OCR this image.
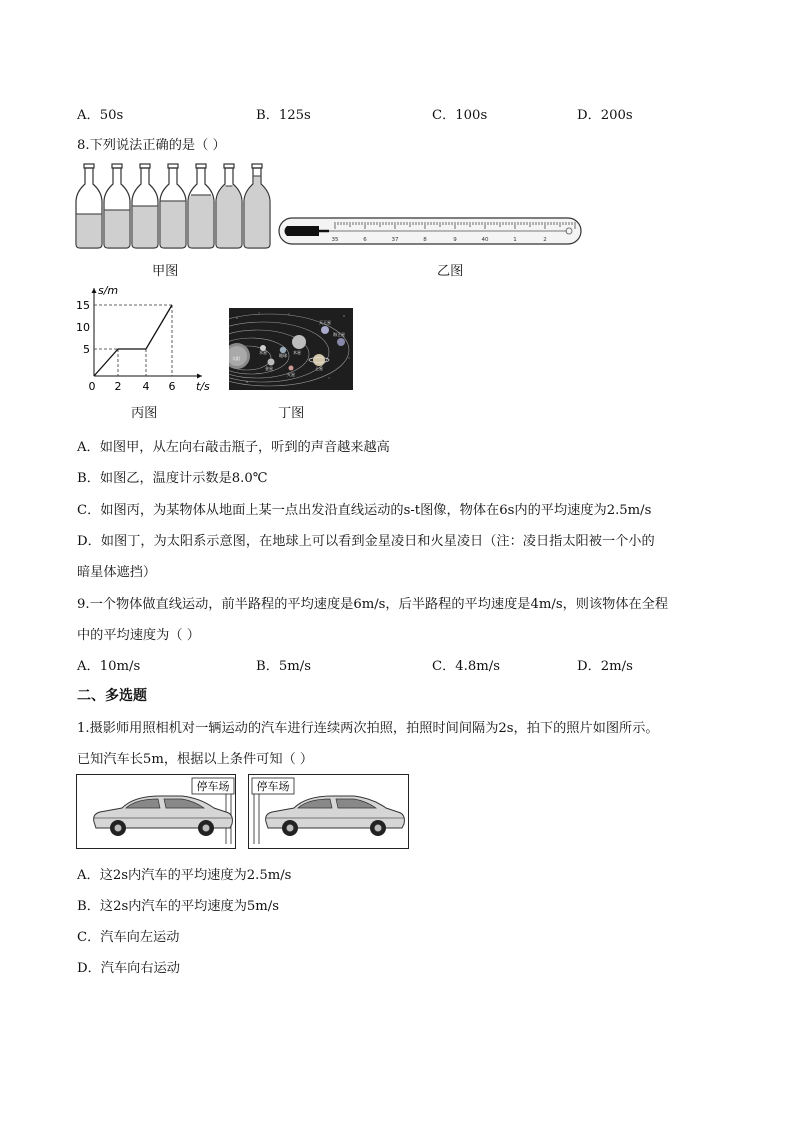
A．50s	B．125s	C．100s	D．200s
8.下列说法正确的是（ ）
甲图
35	6	37	8	9	40	1	2
乙图
s/m
t/s
15
10
5
0 2 4 6
丙图
太阳
水星
金星
地球
火星
木星
土星
天王星
海王星
丁图
A．如图甲，从左向右敲击瓶子，听到的声音越来越高
B．如图乙，温度计示数是8.0℃
C．如图丙，为某物体从地面上某一点出发沿直线运动的s-t图像，物体在6s内的平均速度为2.5m/s
D．如图丁，为太阳系示意图，在地球上可以看到金星凌日和火星凌日（注：凌日指太阳被一个小的
暗星体遮挡）
9.一个物体做直线运动，前半路程的平均速度是6m/s，后半路程的平均速度是4m/s，则该物体在全程
中的平均速度为（ ）
A．10m/s	B．5m/s	C．4.8m/s	D．2m/s
二、多选题
1.摄影师用照相机对一辆运动的汽车进行连续两次拍照，拍照时间间隔为2s，拍下的照片如图所示。
已知汽车长5m，根据以上条件可知（ ）
停车场 停车场
A．这2s内汽车的平均速度为2.5m/s
B．这2s内汽车的平均速度为5m/s
C．汽车向左运动
D．汽车向右运动
